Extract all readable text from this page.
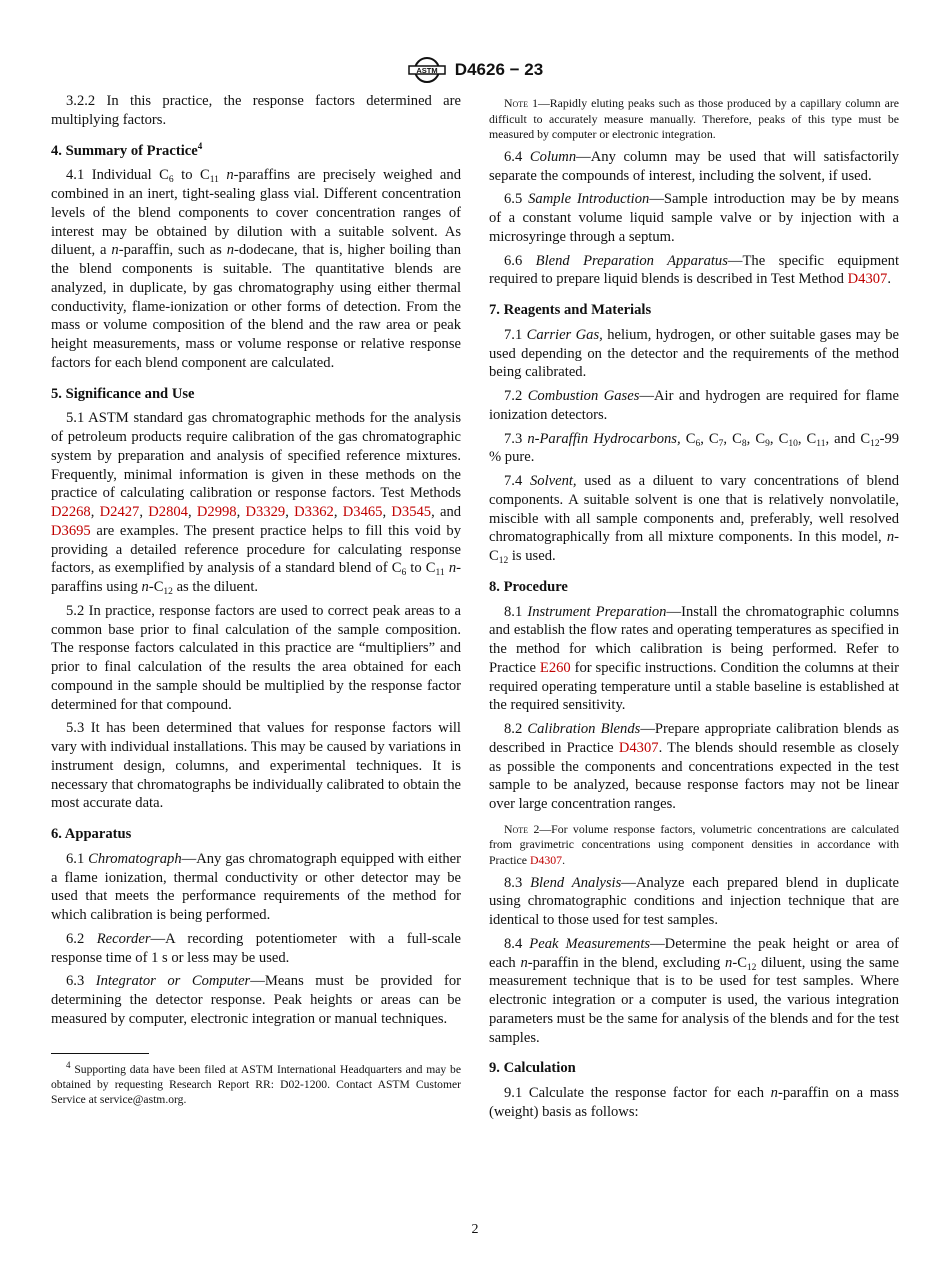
ASTM D4626 − 23

3.2.2 In this practice, the response factors determined are multiplying factors.

4. Summary of Practice$^4$

4.1 Individual $C_6$ to $C_{11}$ n-paraffins are precisely weighed and combined in an inert, tight-sealing glass vial. Different concentration levels of the blend components to cover concentration ranges of interest may be obtained by dilution with a suitable solvent. As diluent, a n-paraffin, such as n-dodecane, that is, higher boiling than the blend components is suitable. The quantitative blends are analyzed, in duplicate, by gas chromatography using either thermal conductivity, flame-ionization or other forms of detection. From the mass or volume composition of the blend and the raw area or peak height measurements, mass or volume response or relative response factors for each blend component are calculated.

5. Significance and Use

5.1 ASTM standard gas chromatographic methods for the analysis of petroleum products require calibration of the gas chromatographic system by preparation and analysis of specified reference mixtures. Frequently, minimal information is given in these methods on the practice of calculating calibration or response factors. Test Methods D2268, D2427, D2804, D2998, D3329, D3362, D3465, D3545, and D3695 are examples. The present practice helps to fill this void by providing a detailed reference procedure for calculating response factors, as exemplified by analysis of a standard blend of $C_6$ to $C_{11}$ n-paraffins using $n-C_{12}$ as the diluent.

5.2 In practice, response factors are used to correct peak areas to a common base prior to final calculation of the sample composition. The response factors calculated in this practice are “multipliers” and prior to final calculation of the results the area obtained for each compound in the sample should be multiplied by the response factor determined for that compound.

5.3 It has been determined that values for response factors will vary with individual installations. This may be caused by variations in instrument design, columns, and experimental techniques. It is necessary that chromatographs be individually calibrated to obtain the most accurate data.

6. Apparatus

6.1 Chromatograph—Any gas chromatograph equipped with either a flame ionization, thermal conductivity or other detector may be used that meets the performance requirements of the method for which calibration is being performed.

6.2 Recorder—A recording potentiometer with a full-scale response time of 1 s or less may be used.

6.3 Integrator or Computer—Means must be provided for determining the detector response. Peak heights or areas can be measured by computer, electronic integration or manual techniques.

$^4$ Supporting data have been filed at ASTM International Headquarters and may be obtained by requesting Research Report RR: D02-1200. Contact ASTM Customer Service at service@astm.org.
Note 1—Rapidly eluting peaks such as those produced by a capillary column are difficult to accurately measure manually. Therefore, peaks of this type must be measured by computer or electronic integration.

6.4 Column—Any column may be used that will satisfactorily separate the compounds of interest, including the solvent, if used.

6.5 Sample Introduction—Sample introduction may be by means of a constant volume liquid sample valve or by injection with a microsyringe through a septum.

6.6 Blend Preparation Apparatus—The specific equipment required to prepare liquid blends is described in Test Method D4307.

7. Reagents and Materials

7.1 Carrier Gas, helium, hydrogen, or other suitable gases may be used depending on the detector and the requirements of the method being calibrated.

7.2 Combustion Gases—Air and hydrogen are required for flame ionization detectors.

7.3 n-Paraffin Hydrocarbons, $C_6$, $C_7$, $C_8$, $C_9$, $C_{10}$, $C_{11}$, and $C_{12}-99$ % pure.

7.4 Solvent, used as a diluent to vary concentrations of blend components. A suitable solvent is one that is relatively nonvolatile, miscible with all sample components and, preferably, well resolved chromatographically from all mixture components. In this model, $n-C_{12}$ is used.

8. Procedure

8.1 Instrument Preparation—Install the chromatographic columns and establish the flow rates and operating temperatures as specified in the method for which calibration is being performed. Refer to Practice E260 for specific instructions. Condition the columns at their required operating temperature until a stable baseline is established at the required sensitivity.

8.2 Calibration Blends—Prepare appropriate calibration blends as described in Practice D4307. The blends should resemble as closely as possible the components and concentrations expected in the test sample to be analyzed, because response factors may not be linear over large concentration ranges.

Note 2—For volume response factors, volumetric concentrations are calculated from gravimetric concentrations using component densities in accordance with Practice D4307.

8.3 Blend Analysis—Analyze each prepared blend in duplicate using chromatographic conditions and injection technique that are identical to those used for test samples.

8.4 Peak Measurements—Determine the peak height or area of each n-paraffin in the blend, excluding $n-C_{12}$ diluent, using the same measurement technique that is to be used for test samples. Where electronic integration or a computer is used, the various integration parameters must be the same for analysis of the blends and for the test samples.

9. Calculation

9.1 Calculate the response factor for each n-paraffin on a mass (weight) basis as follows:

2
